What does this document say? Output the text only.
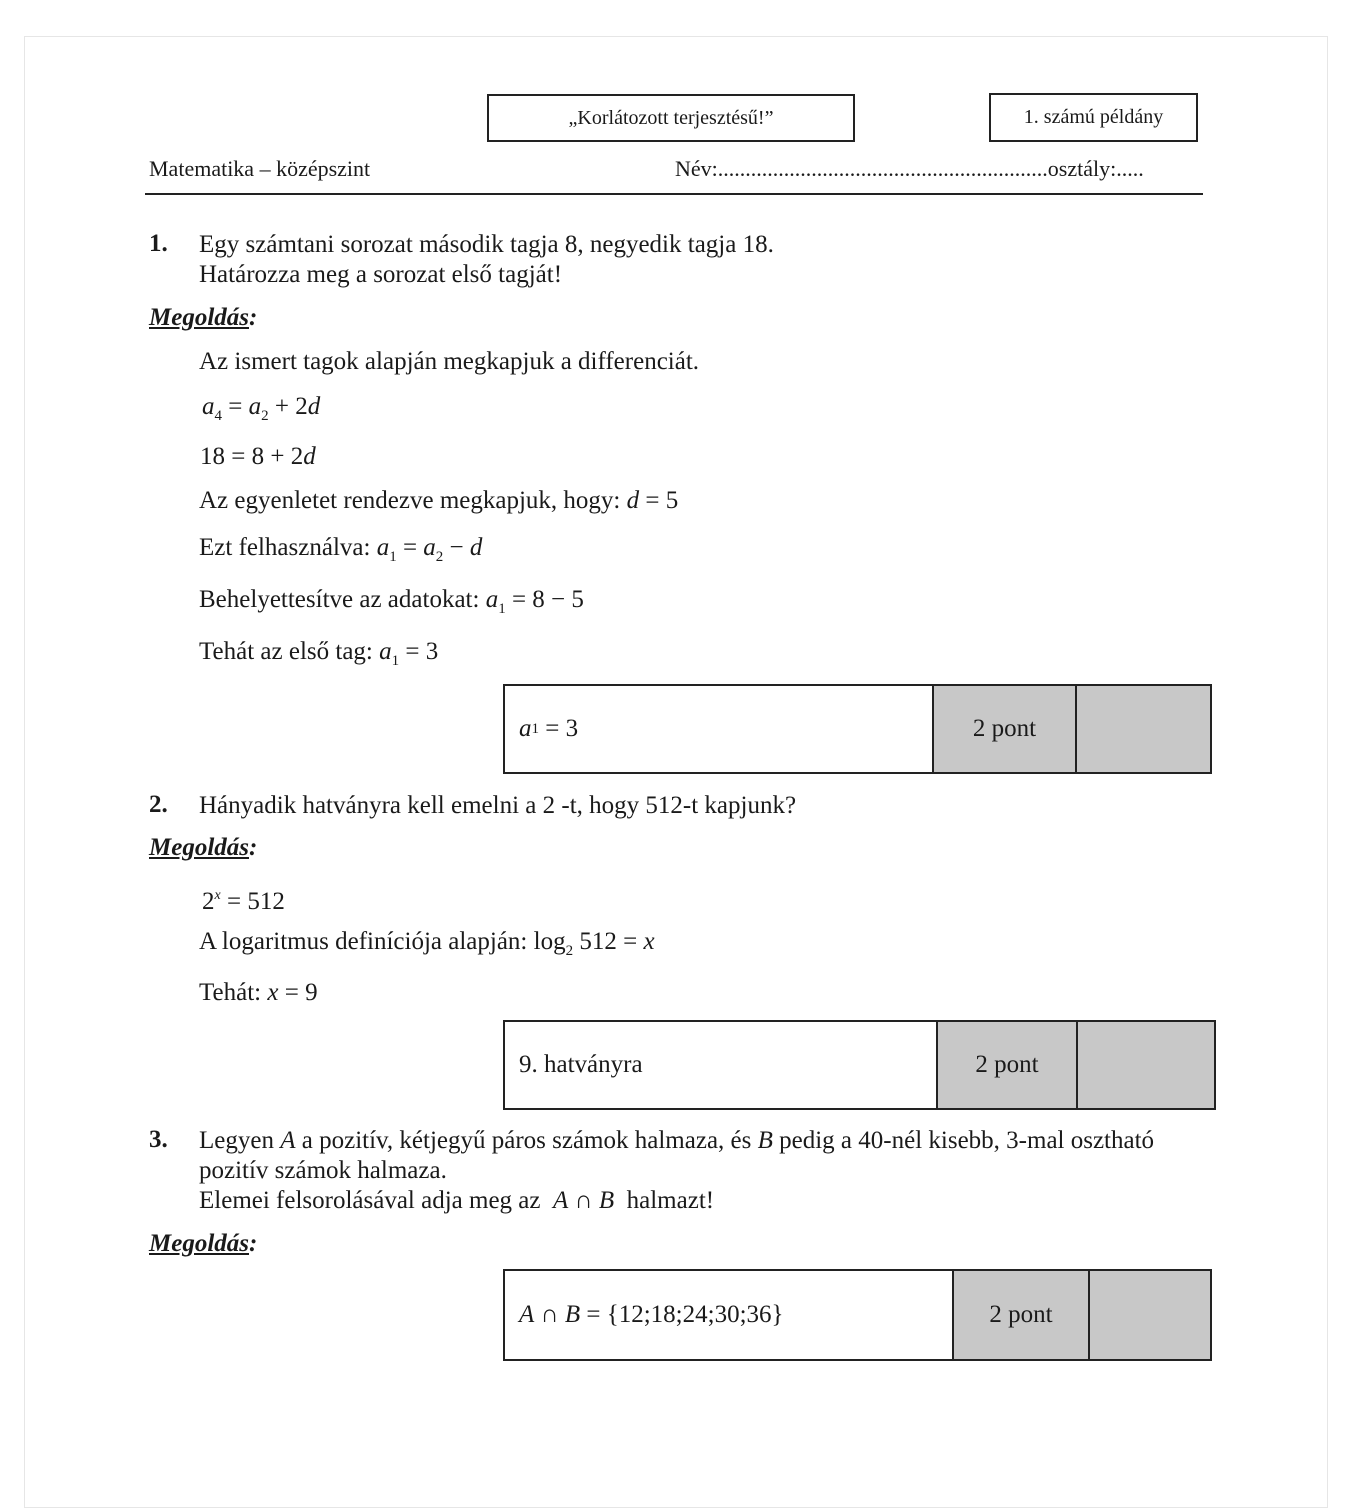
„Korlátozott terjesztésű!”	1. számú példány
Matematika – középszint	Név:............................................................osztály:.....
1. Egy számtani sorozat második tagja 8, negyedik tagja 18.
Határozza meg a sorozat első tagját!
Megoldás:
Az ismert tagok alapján megkapjuk a differenciát.
$a_4 = a_2 + 2d$
18 = 8 + 2d
Az egyenletet rendezve megkapjuk, hogy: d = 5
Ezt felhasználva: $a_1 = a_2 - d$
Behelyettesítve az adatokat: $a_1 = 8 - 5$
Tehát az első tag: $a_1 = 3$
a 1 = 3	2 pont
2. Hányadik hatványra kell emelni a 2 -t, hogy 512-t kapjunk?
Megoldás:
$2^x = 512$
A logaritmus definíciója alapján: $\log_2 512 = x$
Tehát: x = 9
9. hatványra	2 pont
3. Legyen A a pozitív, kétjegyű páros számok halmaza, és B pedig a 40-nél kisebb, 3-mal osztható
pozitív számok halmaza.
Elemei felsorolásával adja meg az A ∩ B halmazt!
Megoldás:
A ∩ B = {12;18;24;30;36}	2 pont
